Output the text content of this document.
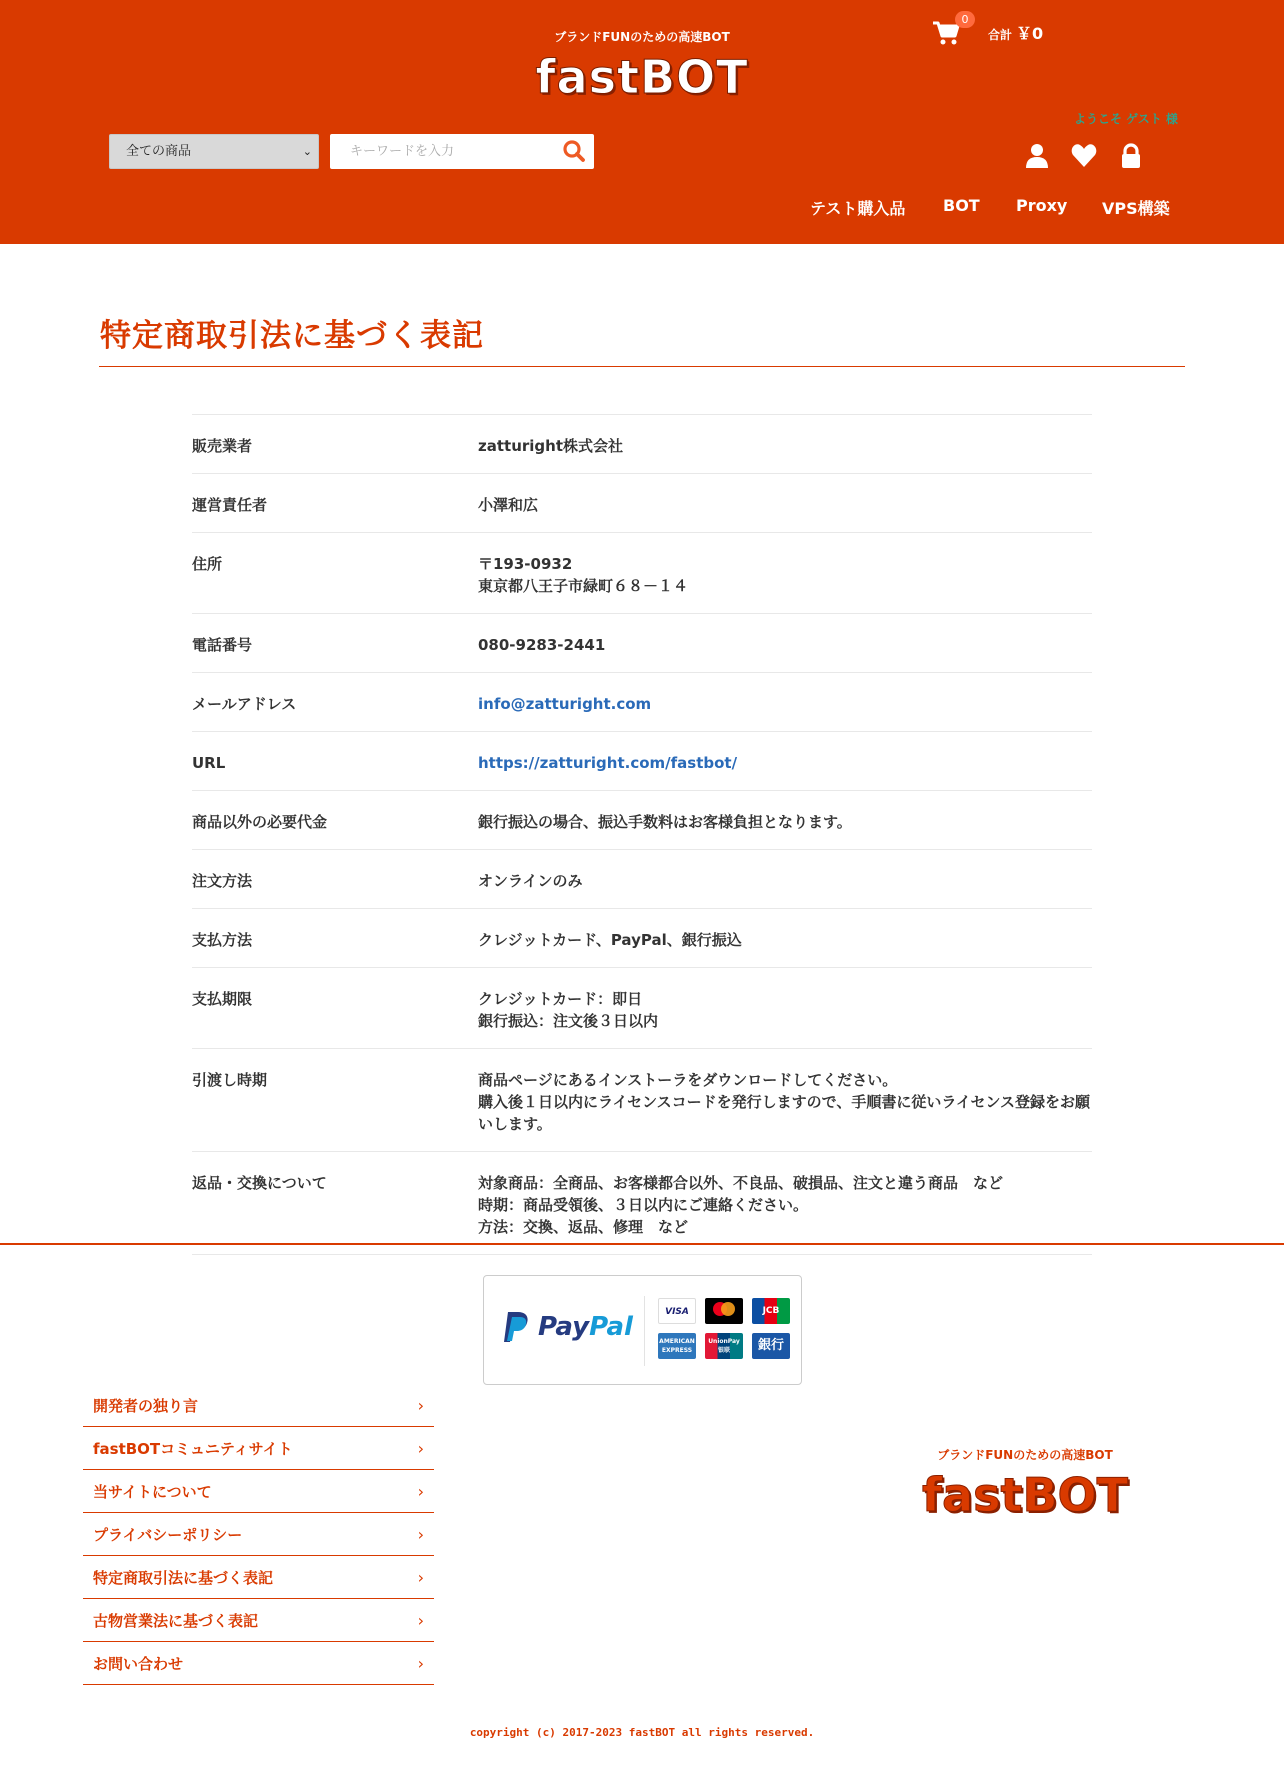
ブランドFUNのための高速BOT
fastBOT
0
合計 ￥0
全ての商品	⌄
キーワードを入力
ようこそ ゲスト 様
テスト購入品 BOT Proxy VPS構築
特定商取引法に基づく表記
販売業者	zatturight株式会社
運営責任者	小澤和広
住所	〒193-0932
東京都八王子市緑町６８－１４
電話番号	080-9283-2441
メールアドレス	info@zatturight.com
URL	https://zatturight.com/fastbot/
商品以外の必要代金	銀行振込の場合、振込手数料はお客様負担となります。
注文方法	オンラインのみ
支払方法	クレジットカード、PayPal、銀行振込
支払期限	クレジットカード：即日
銀行振込：注文後３日以内
引渡し時期	商品ページにあるインストーラをダウンロードしてください。
購入後１日以内にライセンスコードを発行しますので、手順書に従いライセンス登録をお願いします。
返品・交換について	対象商品：全商品、お客様都合以外、不良品、破損品、注文と違う商品　など
時期：商品受領後、３日以内にご連絡ください。
方法：交換、返品、修理　など
PayPal	VISA	JCB
AMERICAN EXPRESS
UnionPay 银联	銀行
開発者の独り言	›
fastBOTコミュニティサイト	›
当サイトについて	›
プライバシーポリシー	›
特定商取引法に基づく表記	›
古物営業法に基づく表記	›
お問い合わせ	›
ブランドFUNのための高速BOT
fastBOT
copyright (c) 2017-2023 fastBOT all rights reserved.
